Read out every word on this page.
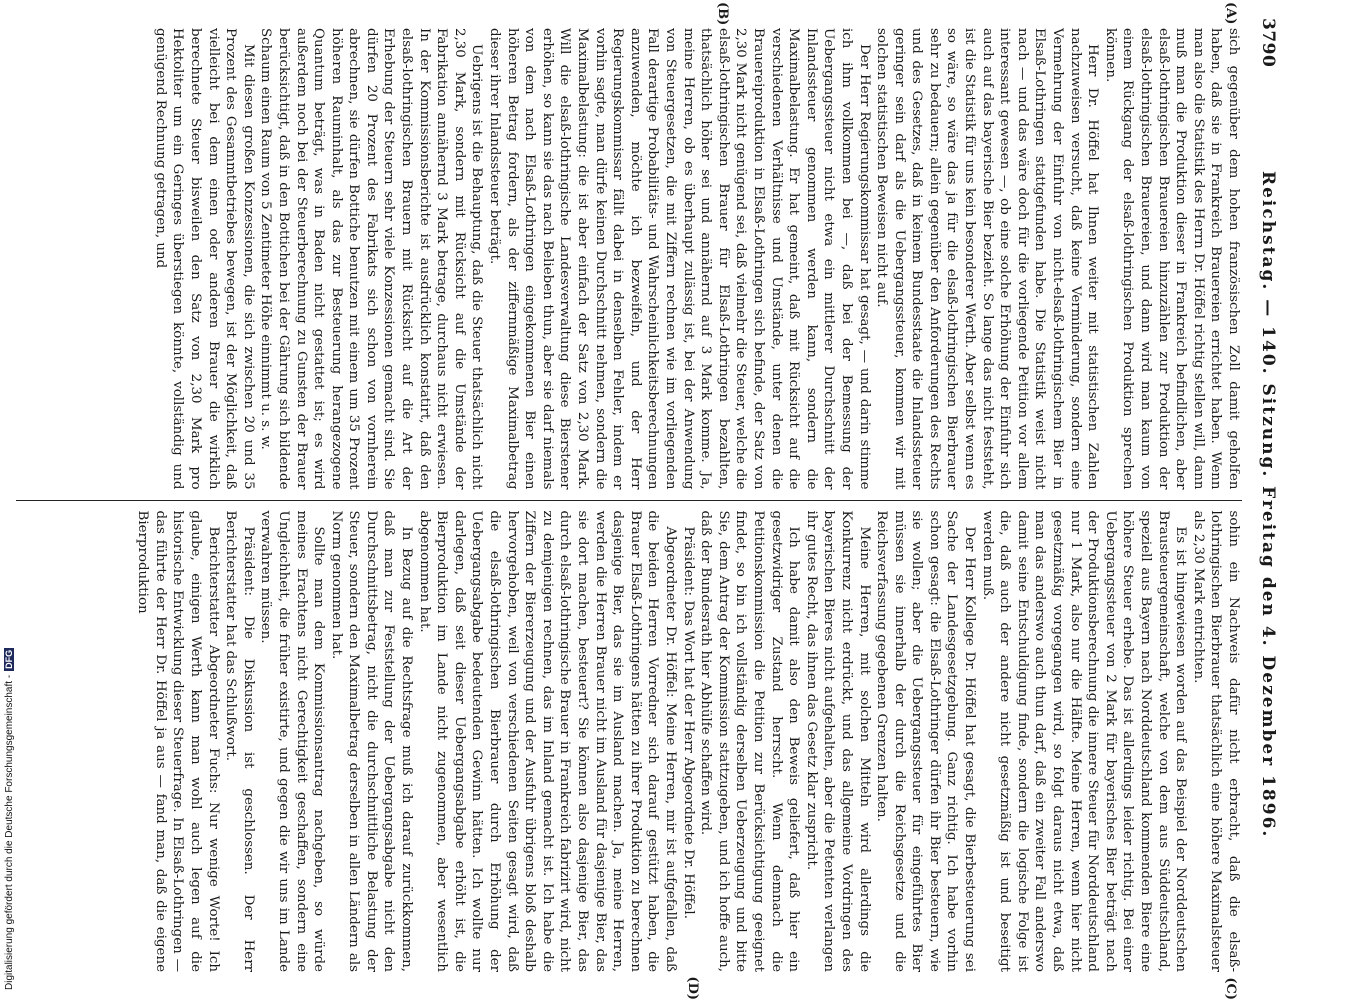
3790
Reichstag. — 140. Sitzung. Freitag den 4. Dezember 1896.
(A)
(B)
(C)
(D)

sich gegenüber dem hohen französischen Zoll damit geholfen haben, daß sie in Frankreich Brauereien errichtet haben. Wenn man also die Statistik des Herrn Dr. Höffel richtig stellen will, dann muß man die Produktion dieser in Frankreich befindlichen, aber elsaß-lothringischen Brauereien hinzuzählen zur Produktion der elsaß-lothringischen Brauereien, und dann wird man kaum von einem Rückgang der elsaß-lothringischen Produktion sprechen können.

Herr Dr. Höffel hat Ihnen weiter mit statistischen Zahlen nachzuweisen versucht, daß keine Verminderung, sondern eine Vermehrung der Einfuhr von nicht-elsaß-lothringischem Bier in Elsaß-Lothringen stattgefunden habe. Die Statistik weist nicht nach — und das wäre doch für die vorliegende Petition vor allem interessant gewesen —, ob eine solche Erhöhung der Einfuhr sich auch auf das bayerische Bier bezieht. So lange das nicht feststeht, ist die Statistik für uns kein besonderer Werth. Aber selbst wenn es so wäre, so wäre das ja für die elsaß-lothringischen Bierbrauer sehr zu bedauern; allein gegenüber den Anforderungen des Rechts und des Gesetzes, daß in keinem Bundesstaate die Inlandssteuer geringer sein darf als die Uebergangssteuer, kommen wir mit solchen statistischen Beweisen nicht auf.

Der Herr Regierungskommissar hat gesagt, — und darin stimme ich ihm vollkommen bei —, daß bei der Bemessung der Uebergangssteuer nicht etwa ein mittlerer Durchschnitt der Inlandssteuer genommen werden kann, sondern die Maximalbelastung. Er hat gemeint, daß mit Rücksicht auf die verschiedenen Verhältnisse und Umstände, unter denen die Brauereiproduktion in Elsaß-Lothringen sich befinde, der Satz von 2,30 Mark nicht genügend sei, daß vielmehr die Steuer, welche die elsaß-lothringischen Brauer für Elsaß-Lothringen bezahlten, thatsächlich höher sei und annähernd auf 3 Mark komme. Ja, meine Herren, ob es überhaupt zulässig ist, bei der Anwendung von Steuergesetzen, die mit Ziffern rechnen wie im vorliegenden Fall derartige Probabilitäts- und Wahrscheinlichkeitsberechnungen anzuwenden, möchte ich bezweifeln, und der Herr Regierungskommissar fällt dabei in denselben Fehler, indem er vorhin sagte, man dürfe keinen Durchschnitt nehmen, sondern die Maximalbelastung: die ist aber einfach der Satz von 2,30 Mark. Will die elsaß-lothringische Landesverwaltung diese Bierstener erhöhen, so kann sie das nach Belieben thun, aber sie darf niemals von dem nach Elsaß-Lothringen eingekommenen Bier einen höheren Betrag fordern, als der ziffernmäßige Maximalbetrag dieser ihrer Inlandssteuer beträgt.

Uebrigens ist die Behauptung, daß die Steuer thatsächlich nicht 2,30 Mark, sondern mit Rücksicht auf die Umstände der Fabrikation annähernd 3 Mark betrage, durchaus nicht erwiesen. In der Kommissionsberichte ist ausdrücklich konstatirt, daß den elsaß-lothringischen Brauern mit Rücksicht auf die Art der Erhebung der Steuern sehr viele Konzessionen gemacht sind. Sie dürfen 20 Prozent des Fabrikats sich schon von vornherein abrechnen, sie dürfen Bottiche benutzen mit einem um 35 Prozent höheren Rauminhalt, als das zur Besteuerung herangezogene Quantum beträgt, was in Baden nicht gestattet ist; es wird außerdem noch bei der Steuerberechnung zu Gunsten der Brauer berücksichtigt, daß in den Bottichen bei der Gährung sich bildende Schaum einen Raum von 5 Zentimeter Höhe einnimmt u. s. w.

Mit diesen großen Konzessionen, die sich zwischen 20 und 35 Prozent des Gesammtbetriebes bewegen, ist der Möglichkeit, daß vielleicht bei dem einen oder anderen Brauer die wirklich berechnete Steuer bisweilen den Satz von 2,30 Mark pro Hektoliter um ein Geringes überstiegen könnte, vollständig und genügend Rechnung getragen, und

sohin ein Nachweis dafür nicht erbracht, daß die elsaß-lothringischen Bierbrauer thatsächlich eine höhere Maximalsteuer als 2,30 Mark entrichten.

Es ist hingewiesen worden auf das Beispiel der Norddeutschen Brausteuergemeinschaft, welche von dem aus Süddeutschland, speziell aus Bayern nach Norddeutschland kommenden Biere eine höhere Steuer erhebe. Das ist allerdings leider richtig. Bei einer Uebergangssteuer von 2 Mark für bayerisches Bier beträgt nach der Produktionsberechnung die innere Steuer für Norddeutschland nur 1 Mark, also nur die Hälfte. Meine Herren, wenn hier nicht gesetzmäßig vorgegangen wird, so folgt daraus nicht etwa, daß man das anderswo auch thun darf, daß ein zweiter Fall anderswo damit seine Entschuldigung finde, sondern die logische Folge ist die, daß auch der andere nicht gesetzmäßig ist und beseitigt werden muß.

Der Herr Kollege Dr. Höffel hat gesagt, die Bierbesteuerung sei Sache der Landesgesetzgebung. Ganz richtig. Ich habe vorhin schon gesagt: die Elsaß-Lothringer dürfen ihr Bier besteuern, wie sie wollen; aber die Uebergangssteuer für eingeführtes Bier müssen sie innerhalb der durch die Reichsgesetze und die Reichsverfassung gegebenen Grenzen halten.

Meine Herren, mit solchen Mitteln wird allerdings die Konkurrenz nicht erdrückt, und das allgemeine Vordringen des bayerischen Bieres nicht aufgehalten, aber die Petenten verlangen ihr gutes Recht, das ihnen das Gesetz klar zuspricht.

Ich habe damit also den Beweis geliefert, daß hier ein gesetzwidriger Zustand herrscht. Wenn demnach die Petitionskommission die Petition zur Berücksichtigung geeignet findet, so bin ich vollständig derselben Ueberzeugung und bitte Sie, dem Antrag der Kommission stattzugeben, und ich hoffe auch, daß der Bundesrath hier Abhülfe schaffen wird.

Präsident: Das Wort hat der Herr Abgeordnete Dr. Höffel.

Abgeordneter Dr. Höffel: Meine Herren, mir ist aufgefallen, daß die beiden Herren Vorredner sich darauf gestützt haben, die Brauer Elsaß-Lothringens hätten zu ihrer Produktion zu berechnen dasjenige Bier, das sie im Ausland machen. Ja, meine Herren, werden die Herren Brauer nicht im Ausland für dasjenige Bier, das sie dort machen, besteuert? Sie können also dasjenige Bier, das durch elsaß-lothringische Brauer in Frankreich fabrizirt wird, nicht zu demjenigen rechnen, das im Inland gemacht ist. Ich habe die Ziffern der Biererzeugung und der Ausfuhr übrigens bloß deshalb hervorgehoben, weil von verschiedenen Seiten gesagt wird, daß die elsaß-lothringischen Bierbrauer durch Erhöhung der Uebergangsabgabe bedeutenden Gewinn hätten. Ich wollte nur darlegen, daß seit dieser Uebergangsabgabe erhöht ist, die Bierproduktion im Lande nicht zugenommen, aber wesentlich abgenommen hat.

In Bezug auf die Rechtsfrage muß ich darauf zurückkommen, daß man zur Feststellung der Uebergangsabgabe nicht den Durchschnittsbetrag, nicht die durchschnittliche Belastung der Steuer, sondern den Maximalbetrag derselben in allen Ländern als Norm genommen hat.

Sollte man dem Kommissionsantrag nachgeben, so würde meines Erachtens nicht Gerechtigkeit geschaffen, sondern eine Ungleichheit, die früher existirte, und gegen die wir uns im Lande verwahren müssen.

Präsident: Die Diskussion ist geschlossen. Der Herr Berichterstatter hat das Schlußwort.

Berichterstatter Abgeordneter Fuchs: Nur wenige Worte! Ich glaube, einigen Werth kann man wohl auch legen auf die historische Entwicklung dieser Steuerfrage. In Elsaß-Lothringen — das führte der Herr Dr. Höffel ja aus — fand man, daß die eigene Bierproduktion

Digitalisierung gefördert durch die Deutsche Forschungsgemeinschaft -DFG
